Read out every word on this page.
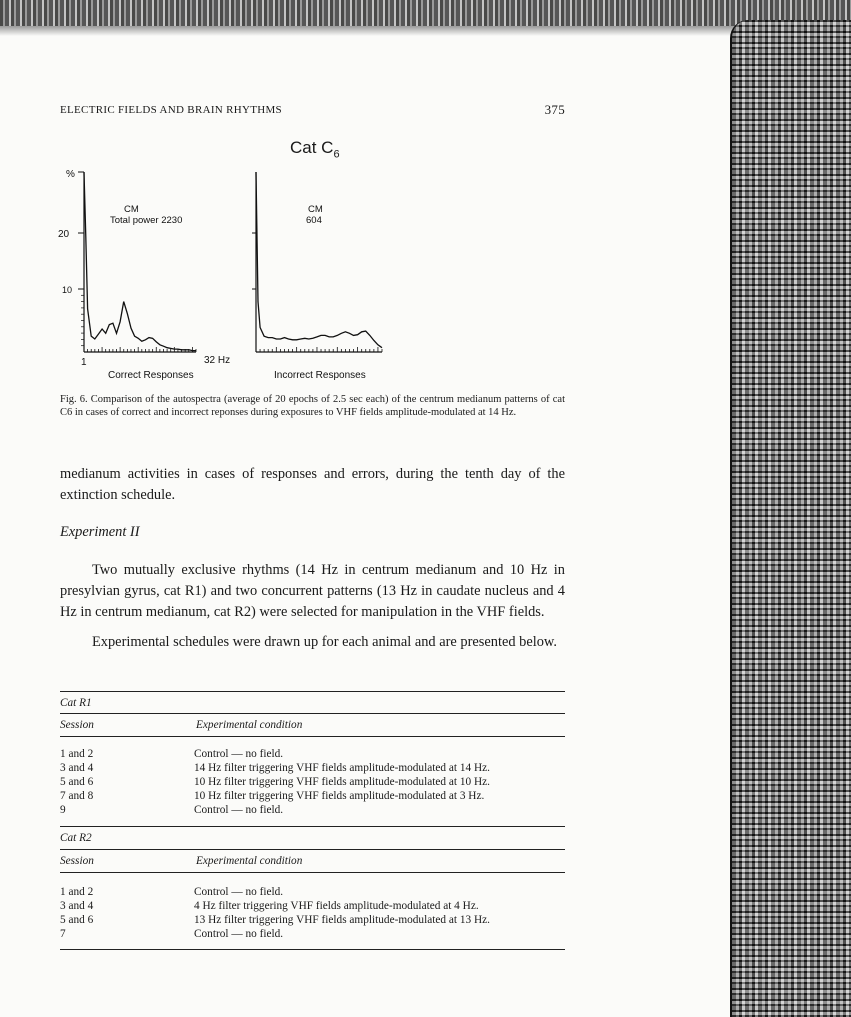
ELECTRIC FIELDS AND BRAIN RHYTHMS	375
Cat $C_6$
%
20
10
CM
Total power 2230
1	32 Hz
Correct Responses
CM
604
Incorrect Responses
Fig. 6. Comparison of the autospectra (average of 20 epochs of 2.5 sec each) of the centrum medianum patterns of cat C6 in cases of correct and incorrect reponses during exposures to VHF fields amplitude-modulated at 14 Hz.
medianum activities in cases of responses and errors, during the tenth day of the extinction schedule.
Experiment II
Two mutually exclusive rhythms (14 Hz in centrum medianum and 10 Hz in presylvian gyrus, cat R1) and two concurrent patterns (13 Hz in caudate nucleus and 4 Hz in centrum medianum, cat R2) were selected for manipulation in the VHF fields.
Experimental schedules were drawn up for each animal and are presented below.
Cat R1
Session	Experimental condition
1 and 2	Control — no field.
3 and 4	14 Hz filter triggering VHF fields amplitude-modulated at 14 Hz.
5 and 6	10 Hz filter triggering VHF fields amplitude-modulated at 10 Hz.
7 and 8	10 Hz filter triggering VHF fields amplitude-modulated at 3 Hz.
9	Control — no field.
Cat R2
Session	Experimental condition
1 and 2	Control — no field.
3 and 4	4 Hz filter triggering VHF fields amplitude-modulated at 4 Hz.
5 and 6	13 Hz filter triggering VHF fields amplitude-modulated at 13 Hz.
7	Control — no field.
